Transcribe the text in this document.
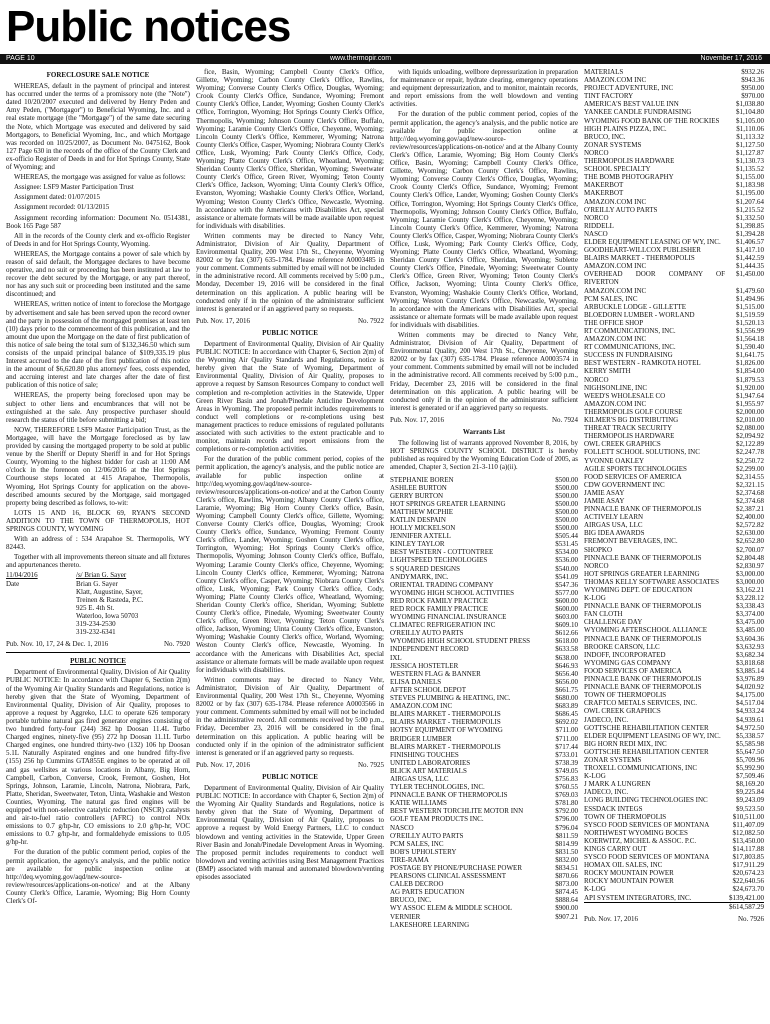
Public notices
PAGE 10	www.thermopir.com	November 17, 2016
FORECLOSURE SALE NOTICE

WHEREAS, default in the payment of principal and interest has occurred under the terms of a promissory note (the "Note") dated 10/20/2007 executed and delivered by Henry Peden and Amy Peden, ("Mortgagor") to Beneficial Wyoming, Inc. and a real estate mortgage (the "Mortgage") of the same date securing the Note, which Mortgage was executed and delivered by said Mortgagors, to Beneficial Wyoming, Inc., and which Mortgage was recorded on 10/25/2007, as Document No. 0475162, Book 127 Page 630 in the records of the office of the County Clerk and ex-officio Register of Deeds in and for Hot Springs County, State of Wyoming; and

WHEREAS, the mortgage was assigned for value as follows:

Assignee: LSF9 Master Participation Trust

Assignment dated: 01/07/2015

Assignment recorded: 01/13/2015

Assignment recording information: Document No. 0514381, Book 165 Page 587

All in the records of the County clerk and ex-officio Register of Deeds in and for Hot Springs County, Wyoming.

WHEREAS, the Mortgage contains a power of sale which by reason of said default, the Mortgagee declares to have become operative, and no suit or proceeding has been instituted at law to recover the debt secured by the Mortgage, or any part thereof, nor has any such suit or proceeding been instituted and the same discontinued; and

WHEREAS, written notice of intent to foreclose the Mortgage by advertisement and sale has been served upon the record owner and the party in possession of the mortgaged premises at least ten (10) days prior to the commencement of this publication, and the amount due upon the Mortgage on the date of first publication of this notice of sale being the total sum of $132,346.50 which sum consists of the unpaid principal balance of $109,335.19 plus Interest accrued to the date of the first publication of this notice in the amount of $6,620.80 plus attorneys' fees, costs expended, and accruing interest and late charges after the date of first publication of this notice of sale;

WHEREAS, the property being foreclosed upon may be subject to other liens and encumbrances that will not be extinguished at the sale. Any prospective purchaser should research the status of title before submitting a bid;

NOW, THEREFORE LSF9 Master Participation Trust, as the Mortgagee, will have the Mortgage foreclosed as by law provided by causing the mortgaged property to be sold at public venue by the Sheriff or Deputy Sheriff in and for Hot Springs County, Wyoming to the highest bidder for cash at 11:00 AM o'clock in the forenoon on 12/06/2016 at the Hot Springs Courthouse steps located at 415 Arapahoe, Thermopolis, Wyoming, Hot Springs County for application on the above-described amounts secured by the Mortgage, said mortgaged property being described as follows, to-wit:

LOTS 15 AND 16, BLOCK 69, RYAN'S SECOND ADDITION TO THE TOWN OF THERMOPOLIS, HOT SPRINGS COUNTY, WYOMING

With an address of : 534 Arapahoe St. Thermopolis, WY 82443.

Together with all improvements thereon situate and all fixtures and appurtenances thereto.

11/04/2016
Date
/s/ Brian G. Sayer
Brian G. Sayer
Klatt, Augustine, Sayer,
Treinen & Rasteda, P.C.
925 E. 4th St.
Waterloo, Iowa 50703
319-234-2530
319-232-6341
Pub. Nov. 10, 17, 24 & Dec. 1, 2016	No. 7920
PUBLIC NOTICE

Department of Environmental Quality, Division of Air Quality PUBLIC NOTICE: In accordance with Chapter 6, Section 2(m) of the Wyoming Air Quality Standards and Regulations, notice is hereby given that the State of Wyoming, Department of Environmental Quality, Division of Air Quality, proposes to approve a request by Aggreko, LLC to operate 626 temporary portable turbine natural gas fired generator engines consisting of two hundred forty-four (244) 362 hp Doosan 11.4L Turbo Charged engines, ninety-five (95) 272 hp Doosan 11.1L Turbo Charged engines, one hundred thirty-two (132) 106 hp Doosan 5.1L Naturally Aspirated engines and one hundred fifty-five (155) 256 hp Cummins GTA855E engines to be operated at oil and gas wellsites at various locations in Albany, Big Horn, Campbell, Carbon, Converse, Crook, Fremont, Goshen, Hot Springs, Johnson, Laramie, Lincoln, Natrona, Niobrara, Park, Platte, Sheridan, Sweetwater, Teton, Uinta, Washakie and Weston Counties, Wyoming. The natural gas fired engines will be equipped with non-selective catalytic reduction (NSCR) catalysts and air-to-fuel ratio controllers (AFRC) to control NOx emissions to 0.7 g/hp-hr, CO emissions to 2.0 g/hp-hr, VOC emissions to 0.7 g/hp-hr, and formaldehyde emissions to 0.05 g/hp-hr.

For the duration of the public comment period, copies of the permit application, the agency's analysis, and the public notice are available for public inspection online at http://deq.wyoming.gov/aqd/new-source-review/resources/applications-on-notice/ and at the Albany County Clerk's Office, Laramie, Wyoming; Big Horn County Clerk's Of-

fice, Basin, Wyoming; Campbell County Clerk's Office, Gillette, Wyoming; Carbon County Clerk's Office, Rawlins, Wyoming; Converse County Clerk's Office, Douglas, Wyoming; Crook County Clerk's Office, Sundance, Wyoming; Fremont County Clerk's Office, Lander, Wyoming; Goshen County Clerk's Office, Torrington, Wyoming; Hot Springs County Clerk's Office, Thermopolis, Wyoming; Johnson County Clerk's Office, Buffalo, Wyoming; Laramie County Clerk's Office, Cheyenne, Wyoming; Lincoln County Clerk's Office, Kemmerer, Wyoming; Natrona County Clerk's Office, Casper, Wyoming; Niobrara County Clerk's Office, Lusk, Wyoming; Park County Clerk's Office, Cody, Wyoming; Platte County Clerk's Office, Wheatland, Wyoming; Sheridan County Clerk's Office, Sheridan, Wyoming; Sweetwater County Clerk's Office, Green River, Wyoming; Teton County Clerk's Office, Jackson, Wyoming; Uinta County Clerk's Office, Evanston, Wyoming; Washakie County Clerk's Office, Worland, Wyoming; Weston County Clerk's Office, Newcastle, Wyoming. In accordance with the Americans with Disabilities Act, special assistance or alternate formats will be made available upon request for individuals with disabilities.

Written comments may be directed to Nancy Vehr, Administrator, Division of Air Quality, Department of Environmental Quality, 200 West 17th St., Cheyenne, Wyoming 82002 or by fax (307) 635-1784. Please reference A0003485 in your comment. Comments submitted by email will not be included in the administrative record. All comments received by 5:00 p.m., Monday, December 19, 2016 will be considered in the final determination on this application. A public hearing will be conducted only if in the opinion of the administrator sufficient interest is generated or if an aggrieved party so requests.

Pub. Nov. 17, 2016	No. 7922
PUBLIC NOTICE

Department of Environmental Quality, Division of Air Quality PUBLIC NOTICE: In accordance with Chapter 6, Section 2(m) of the Wyoming Air Quality Standards and Regulations, notice is hereby given that the State of Wyoming, Department of Environmental Quality, Division of Air Quality, proposes to approve a request by Samson Resources Company to conduct well completion and re-completion activities in the Statewide, Upper Green River Basin and Jonah/Pinedale Anticline Development Areas in Wyoming. The proposed permit includes requirements to conduct well completions or re-completions using best management practices to reduce emissions of regulated pollutants associated with such activities to the extent practicable and to monitor, maintain records and report emissions from the completions or re-completion activities.

For the duration of the public comment period, copies of the permit application, the agency's analysis, and the public notice are available for public inspection online at http://deq.wyoming.gov/aqd/new-source-review/resources/applications-on-notice/ and at the Carbon County Clerk's office, Rawlins, Wyoming; Albany County Clerk's office, Laramie, Wyoming; Big Horn County Clerk's office, Basin, Wyoming; Campbell County Clerk's office, Gillette, Wyoming; Converse County Clerk's office, Douglas, Wyoming; Crook County Clerk's office, Sundance, Wyoming; Fremont County Clerk's office, Lander, Wyoming; Goshen County Clerk's office, Torrington, Wyoming; Hot Springs County Clerk's office, Thermopolis, Wyoming; Johnson County Clerk's office, Buffalo, Wyoming; Laramie County Clerk's office, Cheyenne, Wyoming; Lincoln County Clerk's office, Kemmerer, Wyoming; Natrona County Clerk's office, Casper, Wyoming; Niobrara County Clerk's office, Lusk, Wyoming; Park County Clerk's office, Cody, Wyoming; Platte County Clerk's office, Wheatland, Wyoming; Sheridan County Clerk's office, Sheridan, Wyoming; Sublette County Clerk's office, Pinedale, Wyoming; Sweetwater County Clerk's office, Green River, Wyoming; Teton County Clerk's office, Jackson, Wyoming; Uinta County Clerk's office, Evanston, Wyoming; Washakie County Clerk's office, Worland, Wyoming; Weston County Clerk's office, Newcastle, Wyoming. In accordance with the Americans with Disabilities Act, special assistance or alternate formats will be made available upon request for individuals with disabilities.

Written comments may be directed to Nancy Vehr, Administrator, Division of Air Quality, Department of Environmental Quality, 200 West 17th St., Cheyenne, Wyoming 82002 or by fax (307) 635-1784. Please reference A0003566 in your comment. Comments submitted by email will not be included in the administrative record. All comments received by 5:00 p.m., Friday, December 23, 2016 will be considered in the final determination on this application. A public hearing will be conducted only if in the opinion of the administrator sufficient interest is generated or if an aggrieved party so requests.

Pub. Nov. 17, 2016	No. 7925
PUBLIC NOTICE

Department of Environmental Quality, Division of Air Quality PUBLIC NOTICE: In accordance with Chapter 6, Section 2(m) of the Wyoming Air Quality Standards and Regulations, notice is hereby given that the State of Wyoming, Department of Environmental Quality, Division of Air Quality, proposes to approve a request by Wold Energy Partners, LLC to conduct blowdown and venting activities in the Statewide, Upper Green River Basin and Jonah/Pinedale Development Areas in Wyoming. The proposed permit includes requirements to conduct well blowdown and venting activities using Best Management Practices (BMP) associated with manual and automated blowdown/venting episodes associated

with liquids unloading, wellbore depressurization in preparation for maintenance or repair, hydrate clearing, emergency operations and equipment depressurization, and to monitor, maintain records, and report emissions from the well blowdown and venting activities.

For the duration of the public comment period, copies of the permit application, the agency's analysis, and the public notice are available for public inspection online at http://deq.wyoming.gov/aqd/new-source-review/resources/applications-on-notice/ and at the Albany County Clerk's Office, Laramie, Wyoming; Big Horn County Clerk's Office, Basin, Wyoming; Campbell County Clerk's Office, Gillette, Wyoming; Carbon County Clerk's Office, Rawlins, Wyoming; Converse County Clerk's Office, Douglas, Wyoming; Crook County Clerk's Office, Sundance, Wyoming; Fremont County Clerk's Office, Lander, Wyoming; Goshen County Clerk's Office, Torrington, Wyoming; Hot Springs County Clerk's Office, Thermopolis, Wyoming; Johnson County Clerk's Office, Buffalo, Wyoming; Laramie County Clerk's Office, Cheyenne, Wyoming; Lincoln County Clerk's Office, Kemmerer, Wyoming; Natrona County Clerk's Office, Casper, Wyoming; Niobrara County Clerk's Office, Lusk, Wyoming; Park County Clerk's Office, Cody, Wyoming; Platte County Clerk's Office, Wheatland, Wyoming; Sheridan County Clerk's Office, Sheridan, Wyoming; Sublette County Clerk's Office, Pinedale, Wyoming; Sweetwater County Clerk's Office, Green River, Wyoming; Teton County Clerk's Office, Jackson, Wyoming; Uinta County Clerk's Office, Evanston, Wyoming; Washakie County Clerk's Office, Worland, Wyoming; Weston County Clerk's Office, Newcastle, Wyoming. In accordance with the Americans with Disabilities Act, special assistance or alternate formats will be made available upon request for individuals with disabilities.

Written comments may be directed to Nancy Vehr, Administrator, Division of Air Quality, Department of Environmental Quality, 200 West 17th St., Cheyenne, Wyoming 82002 or by fax (307) 635-1784. Please reference A0003574 in your comment. Comments submitted by email will not be included in the administrative record. All comments received by 5:00 p.m., Friday, December 23, 2016 will be considered in the final determination on this application. A public hearing will be conducted only if in the opinion of the administrator sufficient interest is generated or if an aggrieved party so requests.

Pub. Nov. 17, 2016	No. 7924
Warrants List

The following list of warrants approved November 8, 2016, by HOT SPRINGS COUNTY SCHOOL DISTRICT is hereby published as required by the Wyoming Education Code of 2005, as amended, Chapter 3, Section 21-3-110 (a)(ii).

STEPHANIE BOREN	$500.00
ASHLEE BURTON	$500.00
GERRY BURTON	$500.00
HOT SPRINGS GREATER LEARNING	$500.00
MATTHEW MCPHIE	$500.00
KATLIN DESPAIN	$500.00
HOLLY MICKELSON	$500.00
JENNIFER AXTELL	$505.44
KINLEY TAYLOR	$531.45
BEST WESTERN - COTTONTREE	$534.00
LIGHTSPEED TECHNOLOGIES	$536.00
S SQUARED DESIGNS	$540.00
ANDYMARK, INC.	$541.09
ORIENTAL TRADING COMPANY	$547.36
WYOMING HIGH SCHOOL ACTIVITIES	$577.00
RED ROCK FAMILY PRACTICE	$600.00
RED ROCK FAMILY PRACTICE	$600.00
WYOMING FINANCIAL INSURANCE	$603.00
CLIMATEC REFRIGERATION INC	$609.10
O'REILLY AUTO PARTS	$612.66
WYOMING HIGH SCHOOL STUDENT PRESS	$618.00
INDEPENDENT RECORD	$633.58
IXL	$638.00
JESSICA HOSTETLER	$646.93
WESTERN FLAG & BANNER	$656.40
ELISA DANIELS	$656.00
AFTER SCHOOL DEPOT	$661.75
STEVES PLUMBING & HEATING, INC.	$680.00
AMAZON.COM INC	$683.89
BLAIRS MARKET - THERMOPOLIS	$686.45
BLAIRS MARKET - THERMOPOLIS	$692.02
HOTSY EQUIPMENT OF WYOMING	$711.00
BRIDGER LUMBER	$711.00
BLAIRS MARKET - THERMOPOLIS	$717.44
FINISHING TOUCHES	$733.01
UNITED LABORATORIES	$738.39
BLICK ART MATERIALS	$749.05
AIRGAS USA, LLC	$756.83
TYLER TECHNOLOGIES, INC.	$760.55
PINNACLE BANK OF THERMOPOLIS	$769.03
KATIE WILLIAMS	$781.80
BEST WESTERN TORCHLITE MOTOR INN	$792.00
GOLF TEAM PRODUCTS INC.	$796.00
NASCO	$796.04
O'REILLY AUTO PARTS	$811.59
PCM SALES, INC	$814.99
BOB'S UPHOLSTERY	$831.50
TIRE-RAMA	$832.00
POSTAGE BY PHONE/PURCHASE POWER	$834.51
PEARSONS CLINICAL ASSESSMENT	$870.66
CALEB DECROO	$873.00
AG PARTS EDUCATION	$874.45
BRUCO, INC.	$888.64
WY ASSOC ELEM & MIDDLE SCHOOL	$900.00
VERNIER	$907.21
LAKESHORE LEARNING	
MATERIALS	$932.26
AMAZON.COM INC	$943.36
PROJECT ADVENTURE, INC	$950.00
TINT FACTORY	$970.00
AMERICA'S BEST VALUE INN	$1,038.80
YANKEE CANDLE FUNDRAISING	$1,104.80
WYOMING FOOD BANK OF THE ROCKIES	$1,105.00
HIGH PLAINS PIZZA, INC.	$1,110.06
BRUCO, INC.	$1,113.32
ZONAR SYSTEMS	$1,127.50
NORCO	$1,127.87
THERMOPOLIS HARDWARE	$1,130.73
SCHOOL SPECIALTY	$1,135.52
THE BOMB PHOTOGRAPHY	$1,155.00
MAKERBOT	$1,183.98
MAKERBOT	$1,195.00
AMAZON.COM INC	$1,207.64
O'REILLY AUTO PARTS	$1,215.52
NORCO	$1,332.50
RIDDELL	$1,398.85
NASCO	$1,394.28
ELDER EQUIPMENT LEASING OF WY, INC.	$1,406.57
GOODHEART-WILLCOX PUBLISHER	$1,417.10
BLAIRS MARKET - THERMOPOLIS	$1,442.59
AMAZON.COM INC	$1,444.35
OVERHEAD DOOR COMPANY OF RIVERTON	$1,450.00
AMAZON.COM INC	$1,479.60
PCM SALES, INC	$1,494.96
ARBUCKLE LODGE - GILLETTE	$1,515.00
BLOEDORN LUMBER - WORLAND	$1,519.59
THE OFFICE SHOP	$1,520.13
RT COMMUNICATIONS, INC.	$1,556.99
AMAZON.COM INC	$1,564.18
RT COMMUNICATIONS, INC.	$1,590.40
SUCCESS IN FUNDRAISING	$1,641.75
BEST WESTERN - RAMKOTA HOTEL	$1,826.00
KERRY SMITH	$1,854.00
NORCO	$1,879.53
NIGHSONLINE, INC	$1,920.00
WEED'S WHOLESALE CO	$1,947.64
AMAZON.COM INC	$1,955.97
THERMOPOLIS GOLF COURSE	$2,000.00
KILMER'S BG DISTRIBUTING	$2,010.00
THREAT TRACK SECURITY	$2,080.00
THERMOPOLIS HARDWARE	$2,094.92
OWL CREEK GRAPHICS	$2,122.89
FOLLETT SCHOOL SOLUTIONS, INC	$2,247.78
YVONNE OAKLEY	$2,250.72
AGILE SPORTS TECHNOLOGIES	$2,299.00
FOOD SERVICES OF AMERICA	$2,314.55
CDW GOVERNMENT INC	$2,321.15
JAMIE ASAY	$2,374.68
JAMIE ASAY	$2,374.68
PINNACLE BANK OF THERMOPOLIS	$2,387.21
ACTIVELY LEARN	$2,400.00
AIRGAS USA, LLC	$2,572.82
BIG IDEA AWARDS	$2,630.00
FREMONT BEVERAGES, INC.	$2,652.80
SHOPKO	$2,700.07
PINNACLE BANK OF THERMOPOLIS	$2,804.48
NORCO	$2,830.97
HOT SPRINGS GREATER LEARNING	$3,000.00
THOMAS KELLY SOFTWARE ASSOCIATES	$3,000.00
WYOMING DEPT. OF EDUCATION	$3,162.21
K-LOG	$3,228.12
PINNACLE BANK OF THERMOPOLIS	$3,338.43
FAN CLOTH	$3,374.00
CHALLENGE DAY	$3,475.00
WYOMING AFTERSCHOOL ALLIANCE	$3,485.00
PINNACLE BANK OF THERMOPOLIS	$3,604.36
BROOKE CARSON, LLC	$3,632.93
INDOFF, INCORPORATED	$3,682.34
WYOMING GAS COMPANY	$3,818.68
FOOD SERVICES OF AMERICA	$3,885.14
PINNACLE BANK OF THERMOPOLIS	$3,976.89
PINNACLE BANK OF THERMOPOLIS	$4,020.92
TOWN OF THERMOPOLIS	$4,175.00
CRAFTCO METALS SERVICES, INC.	$4,517.04
OWL CREEK GRAPHICS	$4,933.24
JADECO, INC.	$4,939.61
GOTTSCHE REHABILITATION CENTER	$4,972.50
ELDER EQUIPMENT LEASING OF WY, INC.	$5,338.57
BIG HORN REDI MIX, INC	$5,585.98
GOTTSCHE REHABILITATION CENTER	$5,647.50
ZONAR SYSTEMS	$5,709.96
TROXELL COMMUNICATIONS, INC	$5,992.90
K-LOG	$7,509.46
J MARK A LUNGREN	$8,169.20
JADECO, INC.	$9,225.84
LONG BUILDING TECHNOLOGIES INC	$9,243.09
ESSDACK INTEGS	$9,523.50
TOWN OF THERMOPOLIS	$10,511.00
SYSCO FOOD SERVICES OF MONTANA	$11,407.09
NORTHWEST WYOMING BOCES	$12,082.50
KOERWITZ, MICHEL & ASSOC. P.C.	$13,450.00
KINGS CARRY OUT	$14,117.88
SYSCO FOOD SERVICES OF MONTANA	$17,803.85
HOMAX OIL SALES, INC	$17,911.29
ROCKY MOUNTAIN POWER	$20,674.23
ROCKY MOUNTAIN POWER	$22,640.56
K-LOG	$24,673.70
API SYSTEM INTEGRATORS, INC.	$139,421.00
	$614,587.29
Pub. Nov. 17, 2016	No. 7926
